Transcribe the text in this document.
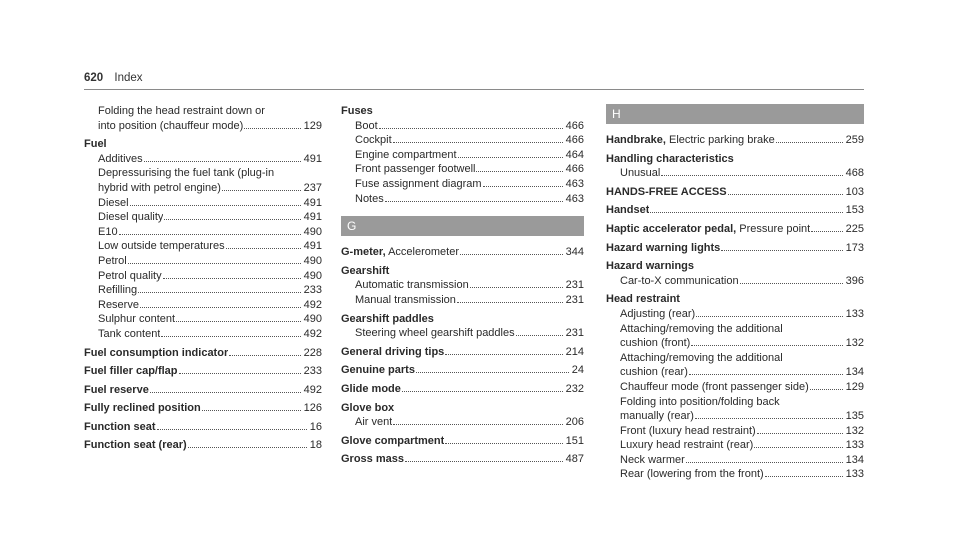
620 Index
Folding the head restraint down or
into position (chauffeur mode)	129
Fuel
Additives	491
Depressurising the fuel tank (plug-in
hybrid with petrol engine)	237
Diesel	491
Diesel quality	491
E10	490
Low outside temperatures	491
Petrol	490
Petrol quality	490
Refilling	233
Reserve	492
Sulphur content	490
Tank content	492
Fuel consumption indicator	228
Fuel filler cap/flap	233
Fuel reserve	492
Fully reclined position	126
Function seat	16
Function seat (rear)	18
Fuses
Boot	466
Cockpit	466
Engine compartment	464
Front passenger footwell	466
Fuse assignment diagram	463
Notes	463
G
G-meter, Accelerometer	344
Gearshift
Automatic transmission	231
Manual transmission	231
Gearshift paddles
Steering wheel gearshift paddles	231
General driving tips	214
Genuine parts	24
Glide mode	232
Glove box
Air vent	206
Glove compartment	151
Gross mass	487
H
Handbrake, Electric parking brake	259
Handling characteristics
Unusual	468
HANDS-FREE ACCESS	103
Handset	153
Haptic accelerator pedal, Pressure point	225
Hazard warning lights	173
Hazard warnings
Car-to-X communication	396
Head restraint
Adjusting (rear)	133
Attaching/removing the additional
cushion (front)	132
Attaching/removing the additional
cushion (rear)	134
Chauffeur mode (front passenger side)	129
Folding into position/folding back
manually (rear)	135
Front (luxury head restraint)	132
Luxury head restraint (rear)	133
Neck warmer	134
Rear (lowering from the front)	133
